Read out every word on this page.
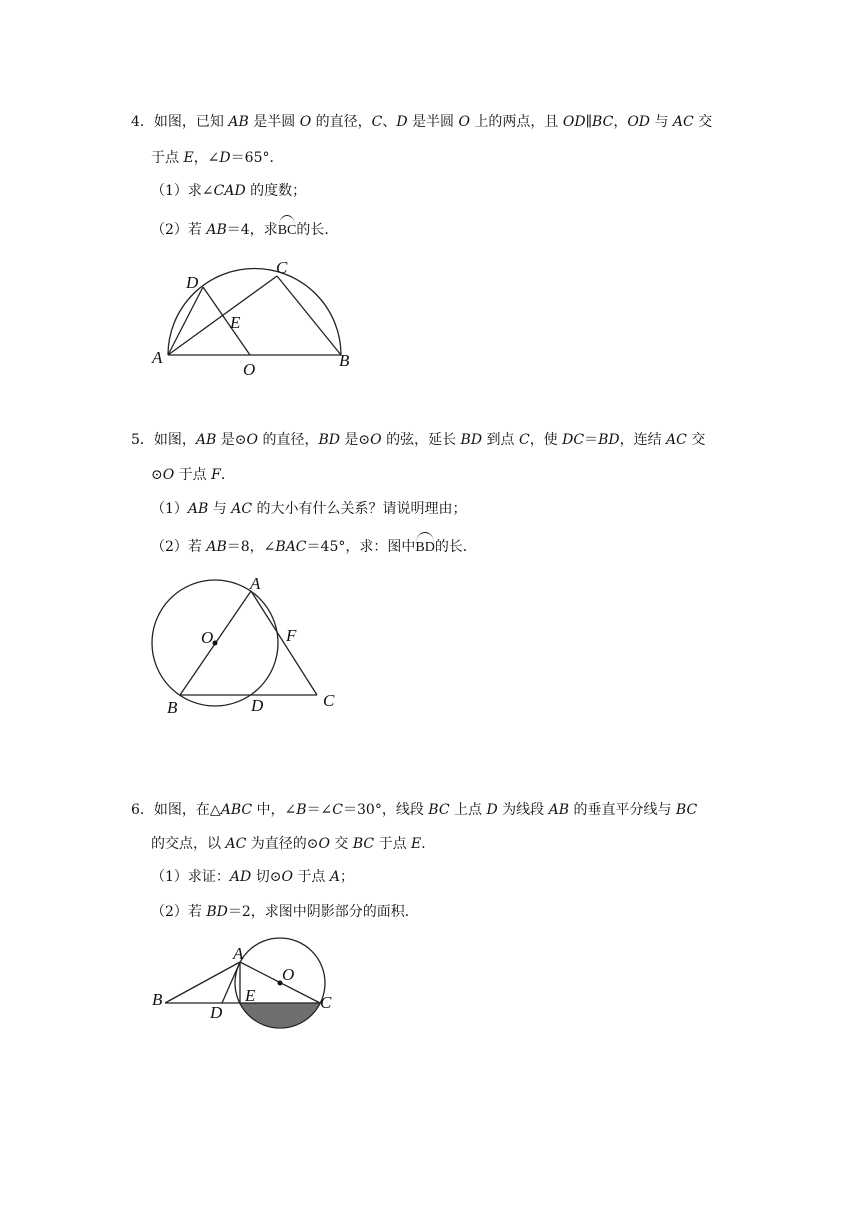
4．如图，已知 AB 是半圆 O 的直径，C、D 是半圆 O 上的两点，且 OD∥BC，OD 与 AC 交
于点 E，∠D＝65°．
（1）求∠CAD 的度数；
（2）若 AB＝4，求BC的长．
D
C
E
A
O	B
5．如图，AB 是⊙O 的直径，BD 是⊙O 的弦，延长 BD 到点 C，使 DC＝BD，连结 AC 交
⊙O 于点 F．
（1）AB 与 AC 的大小有什么关系？请说明理由；
（2）若 AB＝8，∠BAC＝45°，求：图中BD的长．
A
O	F
B	D	C
6．如图，在△ABC 中，∠B＝∠C＝30°，线段 BC 上点 D 为线段 AB 的垂直平分线与 BC
的交点，以 AC 为直径的⊙O 交 BC 于点 E．
（1）求证：AD 切⊙O 于点 A；
（2）若 BD＝2，求图中阴影部分的面积．
A
O
B	E
D
C
